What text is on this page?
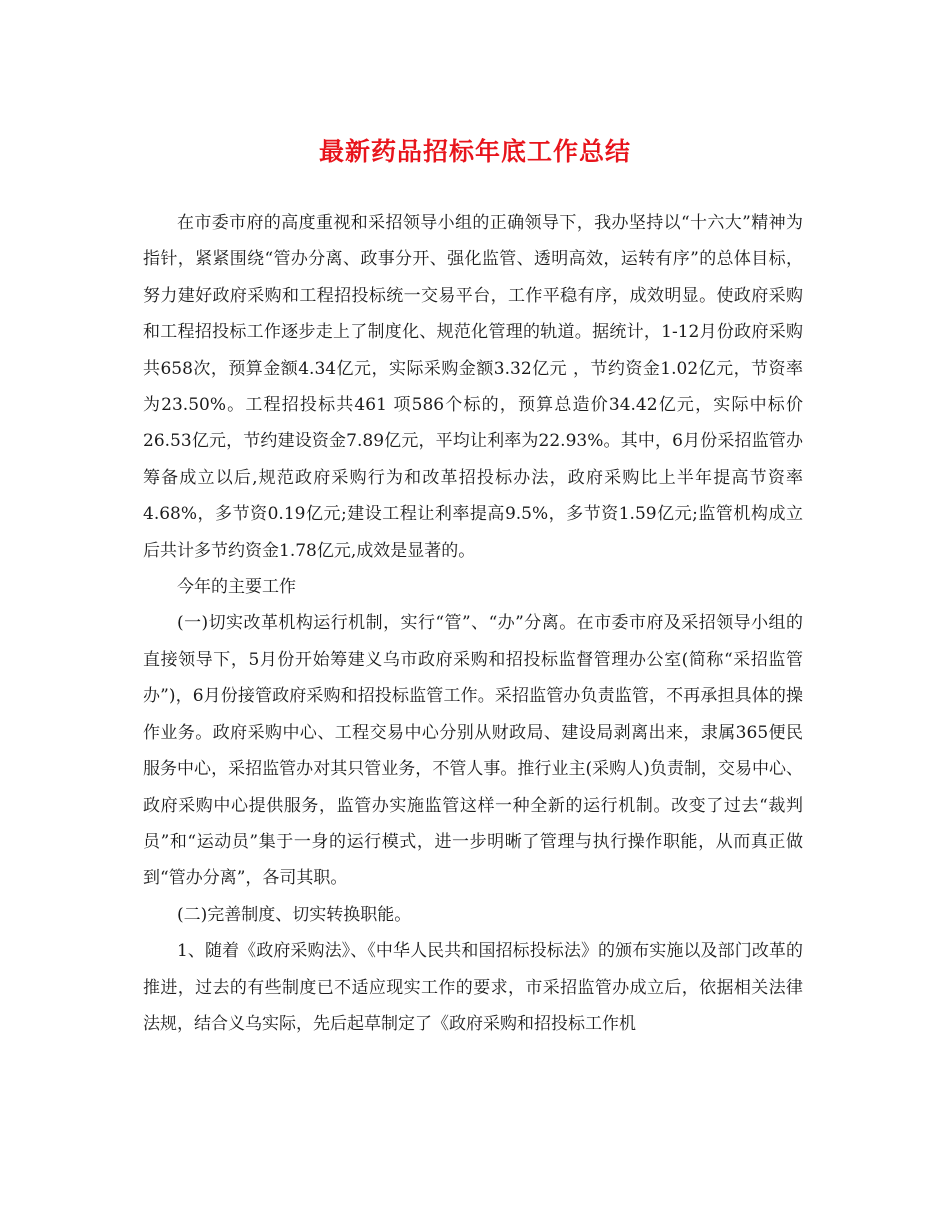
最新药品招标年底工作总结

在市委市府的高度重视和采招领导小组的正确领导下，我办坚持以“十六大”精神为指针，紧紧围绕“管办分离、政事分开、强化监管、透明高效，运转有序”的总体目标，努力建好政府采购和工程招投标统一交易平台，工作平稳有序，成效明显。使政府采购和工程招投标工作逐步走上了制度化、规范化管理的轨道。据统计，1-12月份政府采购共658次，预算金额4.34亿元，实际采购金额3.32亿元 ，节约资金1.02亿元，节资率为23.50%。工程招投标共461 项586个标的，预算总造价34.42亿元，实际中标价26.53亿元，节约建设资金7.89亿元，平均让利率为22.93%。其中，6月份采招监管办筹备成立以后,规范政府采购行为和改革招投标办法，政府采购比上半年提高节资率4.68%，多节资0.19亿元;建设工程让利率提高9.5%，多节资1.59亿元;监管机构成立后共计多节约资金1.78亿元,成效是显著的。

今年的主要工作

(一)切实改革机构运行机制，实行“管”、“办”分离。在市委市府及采招领导小组的直接领导下，5月份开始筹建义乌市政府采购和招投标监督管理办公室(简称“采招监管办”)，6月份接管政府采购和招投标监管工作。采招监管办负责监管，不再承担具体的操作业务。政府采购中心、工程交易中心分别从财政局、建设局剥离出来，隶属365便民服务中心，采招监管办对其只管业务，不管人事。推行业主(采购人)负责制，交易中心、政府采购中心提供服务，监管办实施监管这样一种全新的运行机制。改变了过去“裁判员”和“运动员”集于一身的运行模式，进一步明晰了管理与执行操作职能，从而真正做到“管办分离”，各司其职。

(二)完善制度、切实转换职能。

1、随着《政府采购法》、《中华人民共和国招标投标法》的颁布实施以及部门改革的推进，过去的有些制度已不适应现实工作的要求，市采招监管办成立后，依据相关法律法规，结合义乌实际，先后起草制定了《政府采购和招投标工作机
